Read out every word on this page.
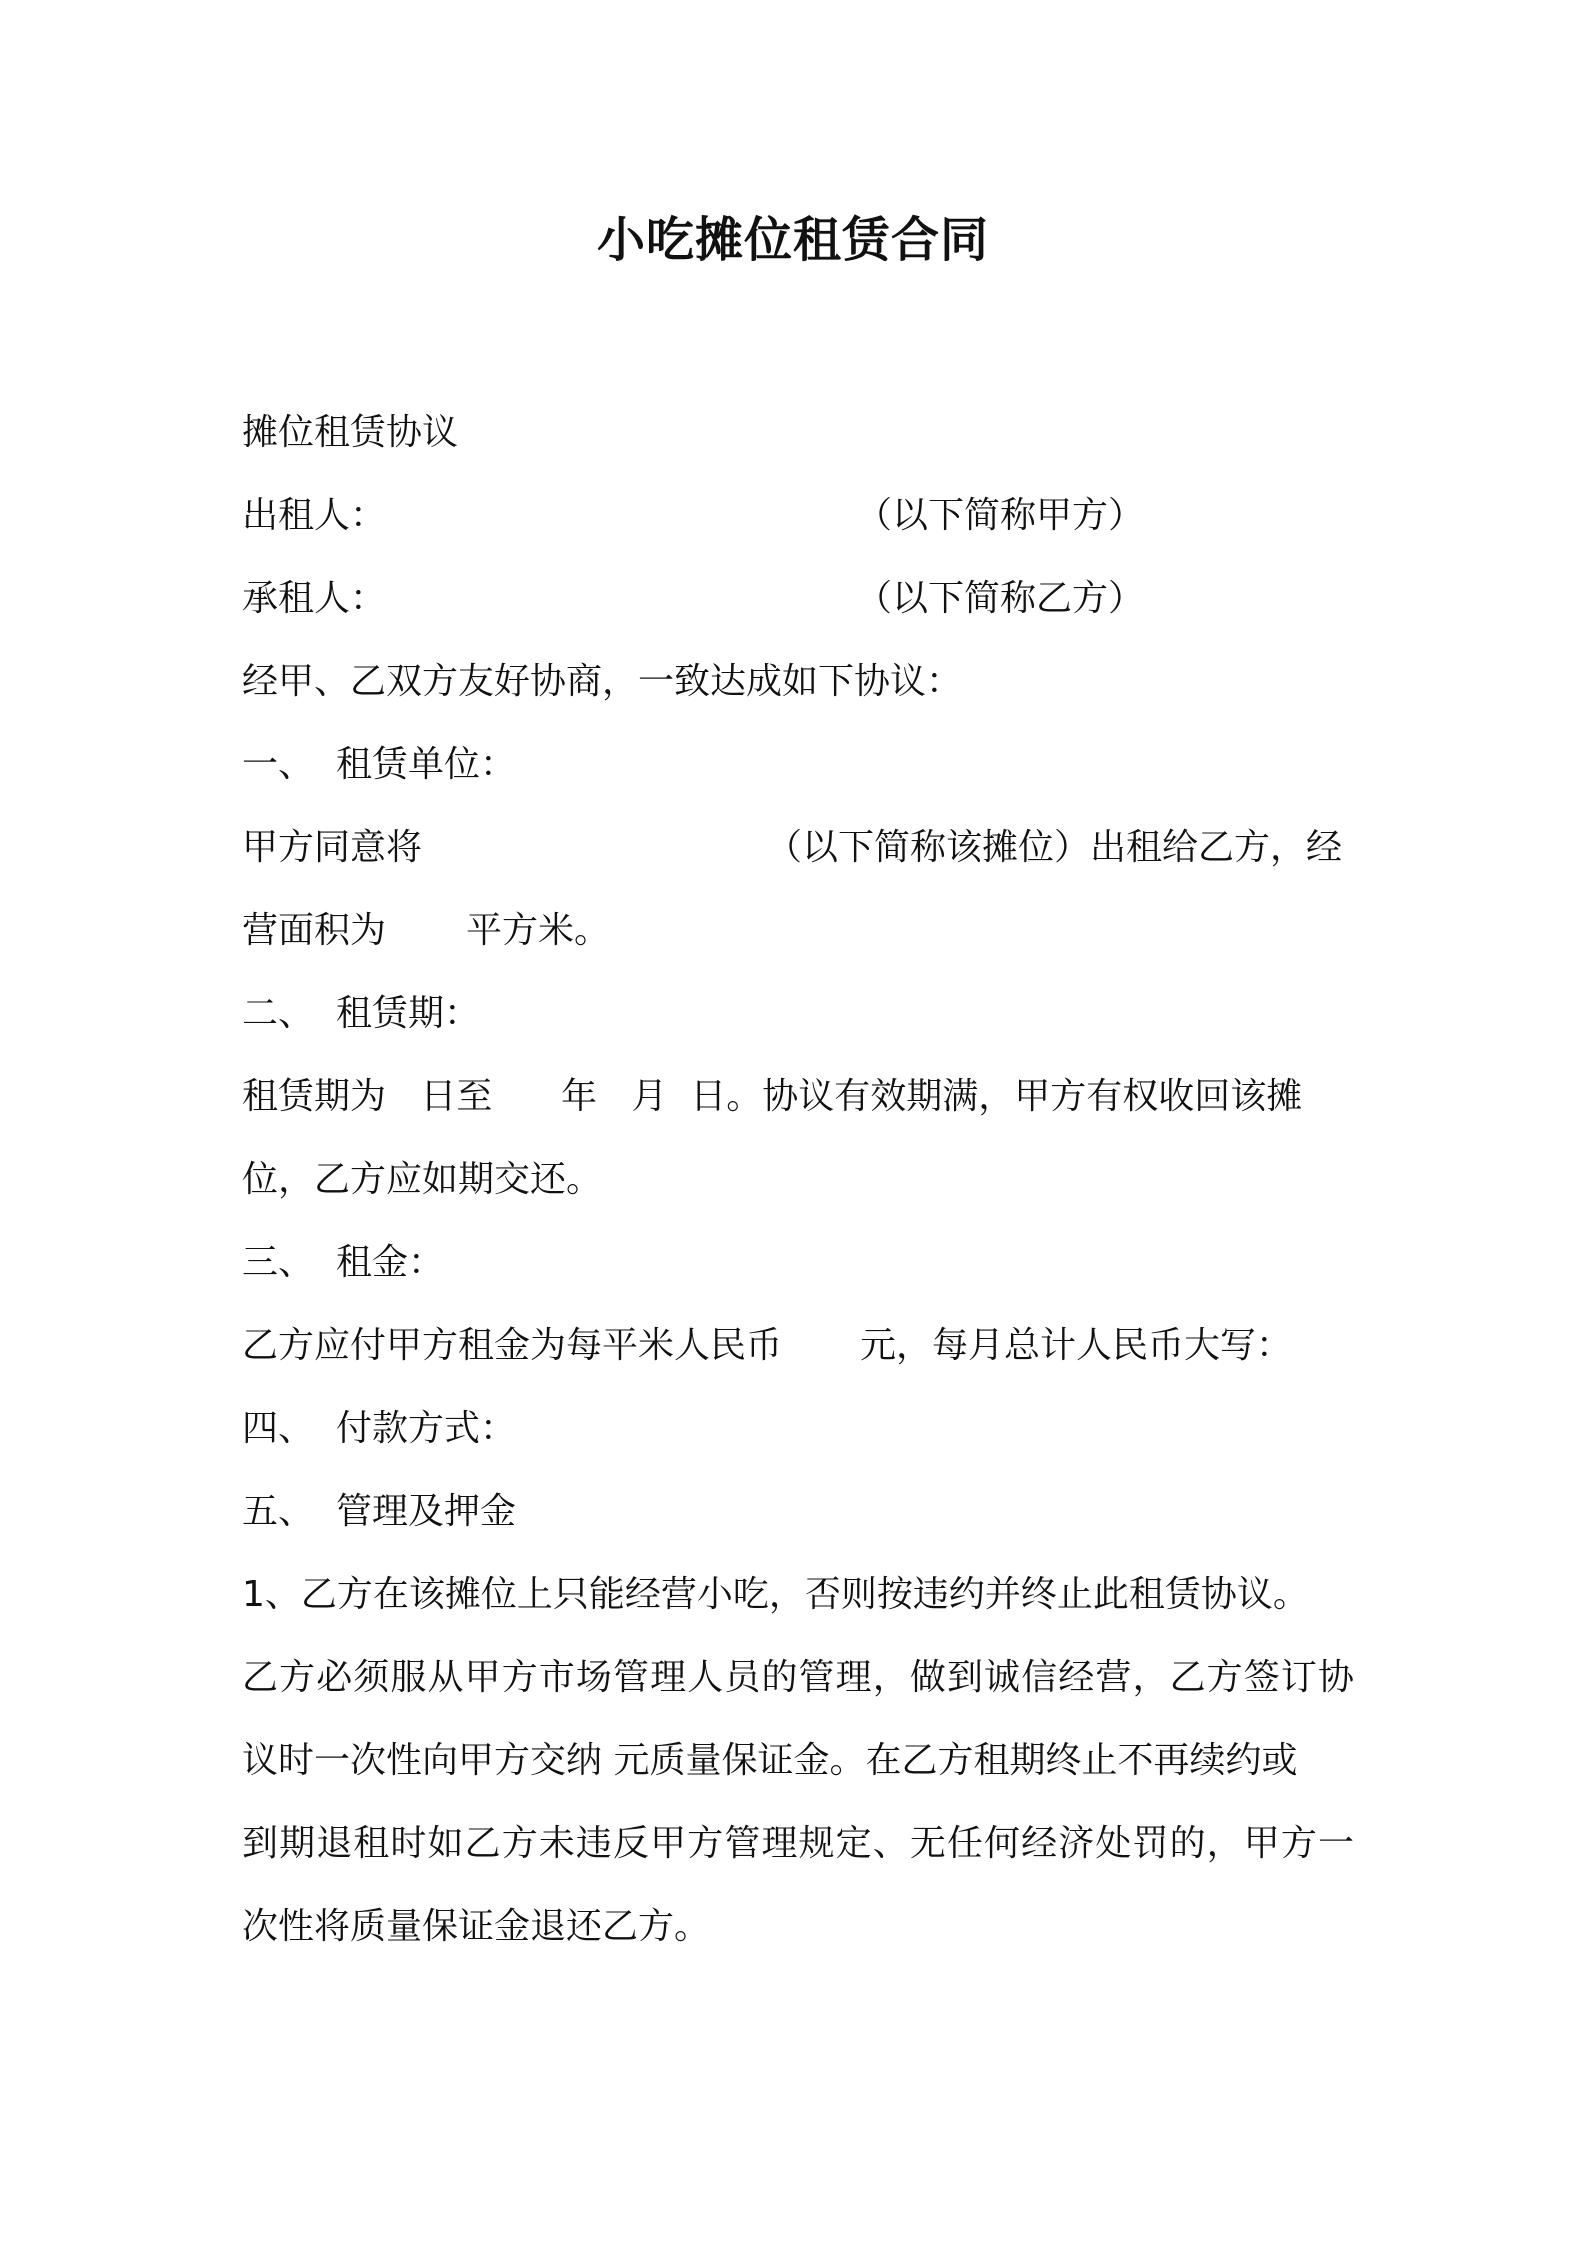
小吃摊位租赁合同

摊位租赁协议

出租人：	（以下简称甲方）
承租人：	（以下简称乙方）

经甲、乙双方友好协商，一致达成如下协议：

一、 租赁单位：
甲方同意将	（以下简称该摊位）出租给乙方，经
营面积为 平方米。
二、 租赁期：

租赁期为   日至      年   月  日。协议有效期满，甲方有权收回该摊

位，乙方应如期交还。

三、 租金：
乙方应付甲方租金为每平米人民币 元，每月总计人民币大写：
四、 付款方式：
五、 管理及押金

1、乙方在该摊位上只能经营小吃，否则按违约并终止此租赁协议。

乙方必须服从甲方市场管理人员的管理，做到诚信经营，乙方签订协

议时一次性向甲方交纳 元质量保证金。在乙方租期终止不再续约或

到期退租时如乙方未违反甲方管理规定、无任何经济处罚的，甲方一

次性将质量保证金退还乙方。
